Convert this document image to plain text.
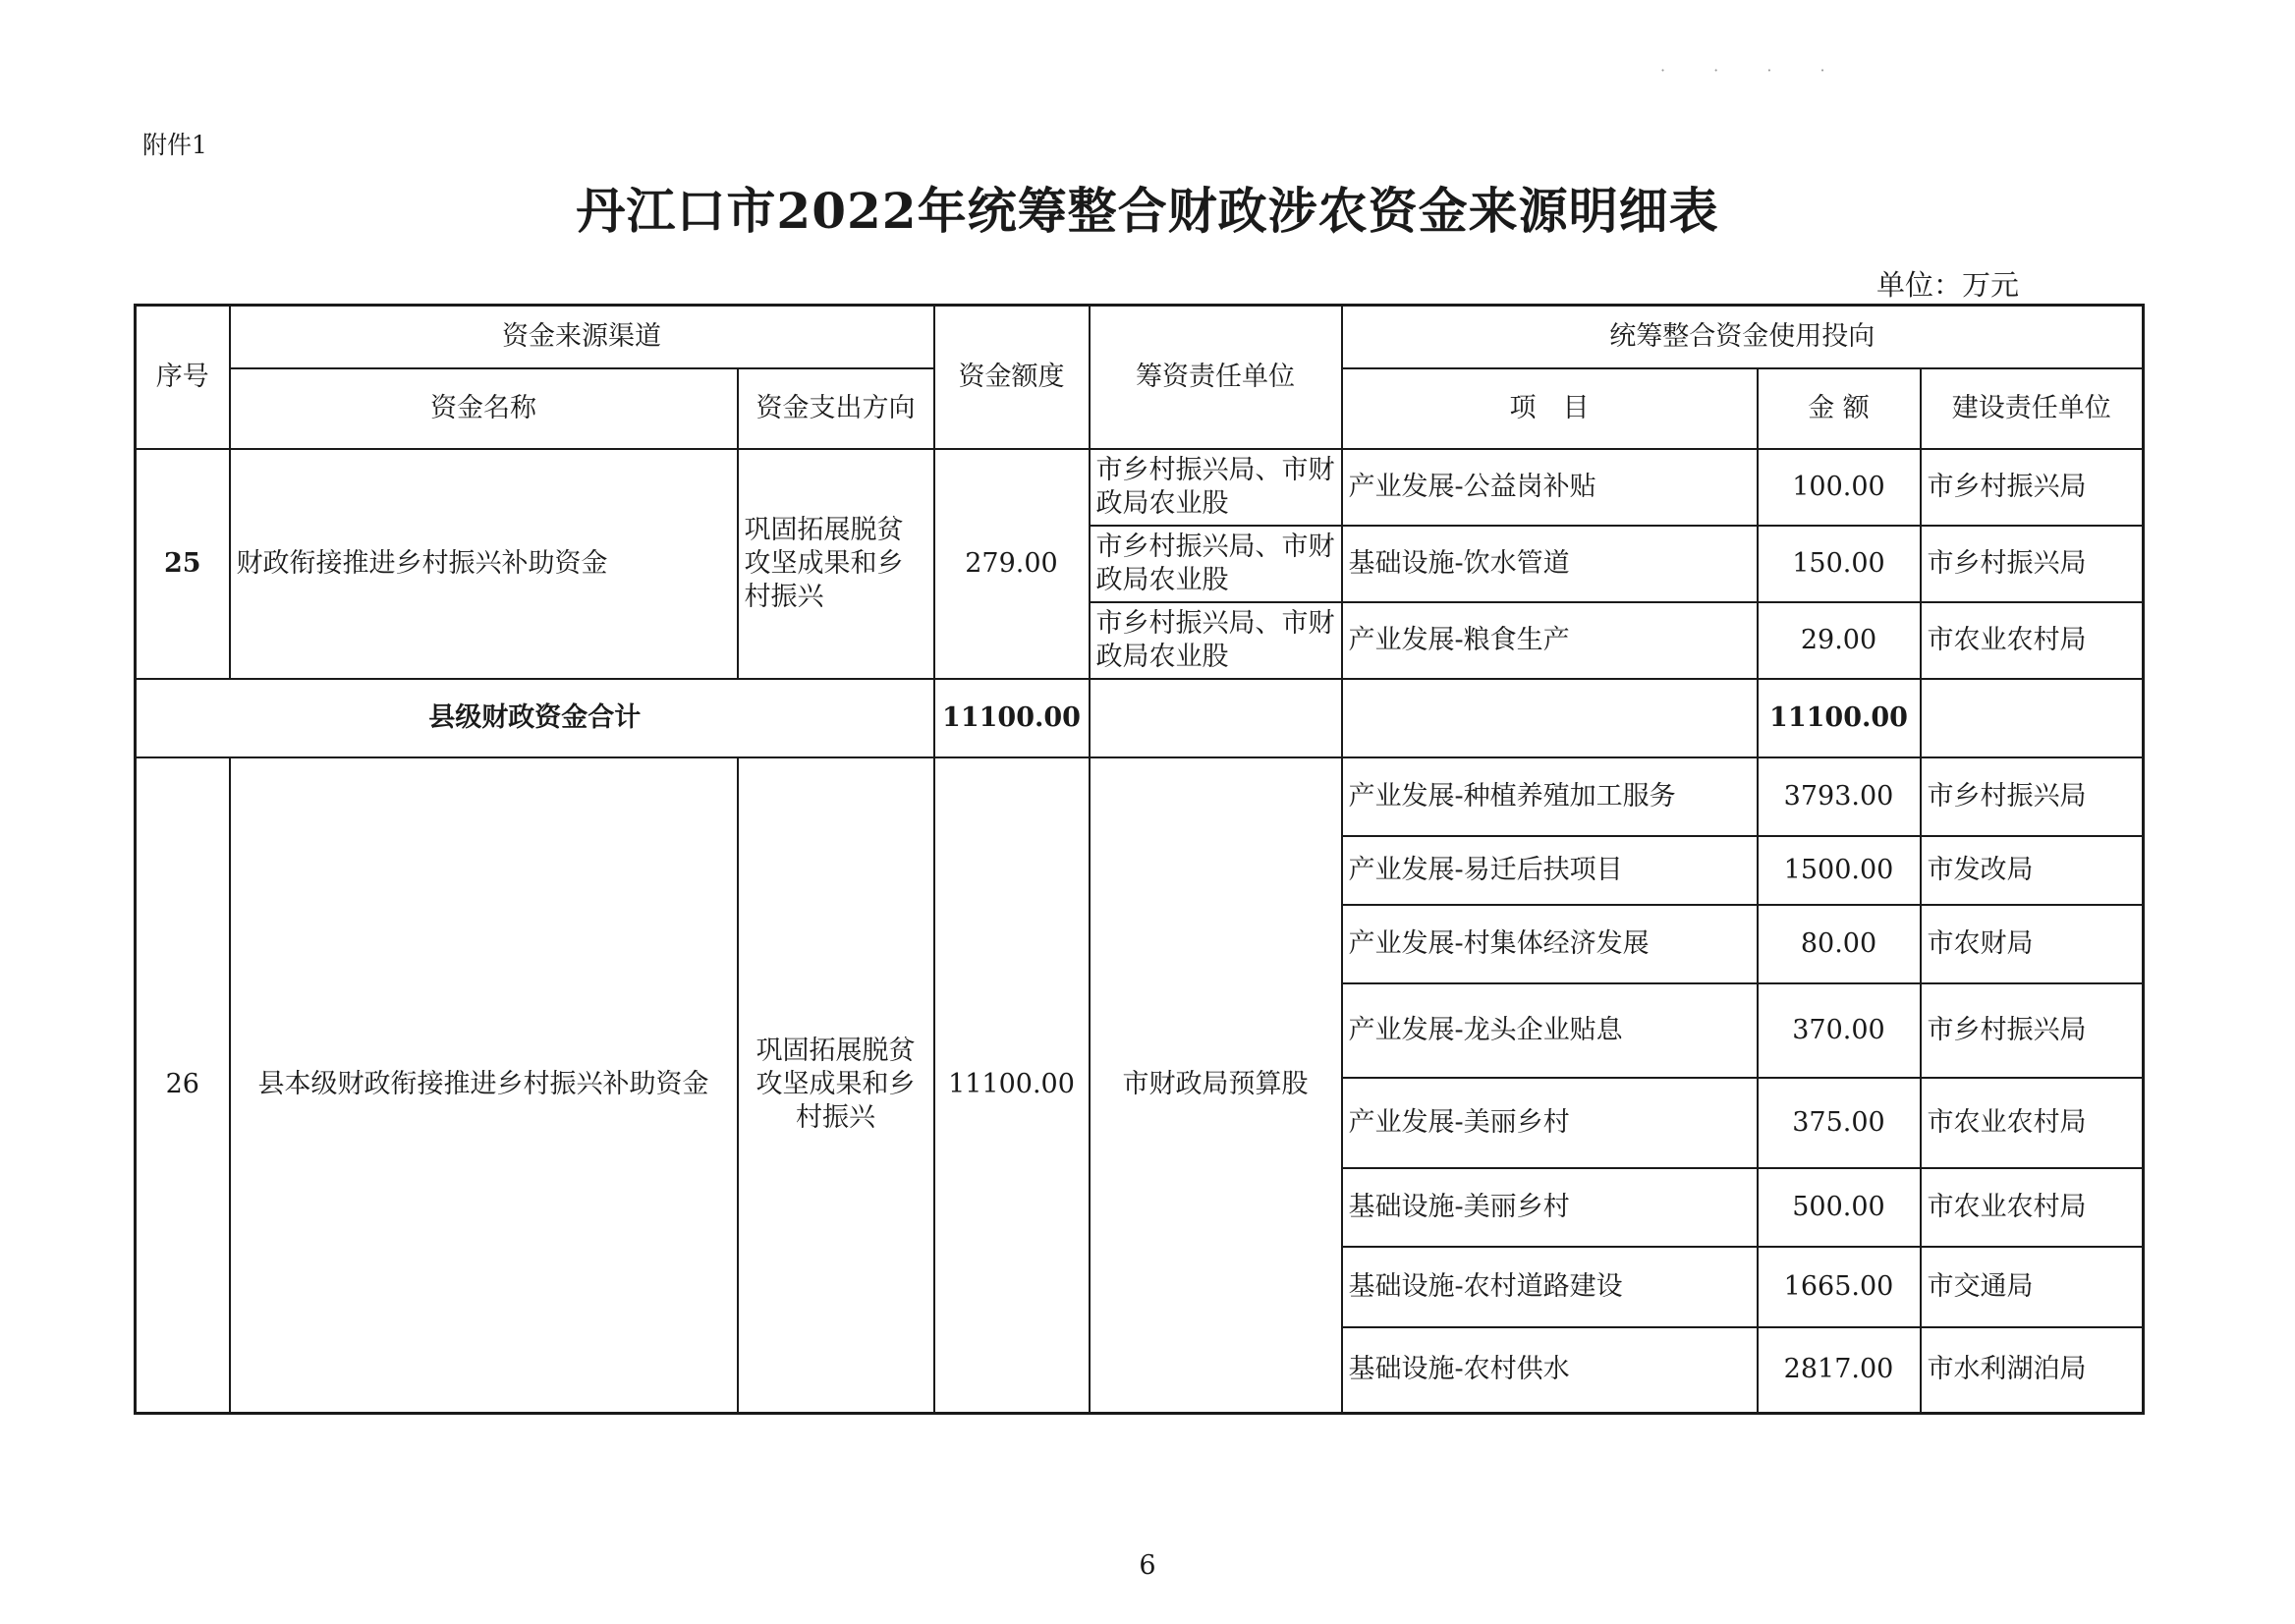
· · · ·
附件1
丹江口市2022年统筹整合财政涉农资金来源明细表
单位：万元
序号	资金来源渠道		资金额度	筹资责任单位	统筹整合资金使用投向		
	资金名称	资金支出方向			项　目	金 额	建设责任单位
25	财政衔接推进乡村振兴补助资金	巩固拓展脱贫攻坚成果和乡村振兴	279.00	市乡村振兴局、市财政局农业股	产业发展-公益岗补贴	100.00	市乡村振兴局
				市乡村振兴局、市财政局农业股	基础设施-饮水管道	150.00	市乡村振兴局
				市乡村振兴局、市财政局农业股	产业发展-粮食生产	29.00	市农业农村局
县级财政资金合计			11100.00			11100.00	
26	县本级财政衔接推进乡村振兴补助资金	巩固拓展脱贫攻坚成果和乡村振兴	11100.00	市财政局预算股	产业发展-种植养殖加工服务	3793.00	市乡村振兴局
					产业发展-易迁后扶项目	1500.00	市发改局
					产业发展-村集体经济发展	80.00	市农财局
					产业发展-龙头企业贴息	370.00	市乡村振兴局
					产业发展-美丽乡村	375.00	市农业农村局
					基础设施-美丽乡村	500.00	市农业农村局
					基础设施-农村道路建设	1665.00	市交通局
					基础设施-农村供水	2817.00	市水利湖泊局
6
